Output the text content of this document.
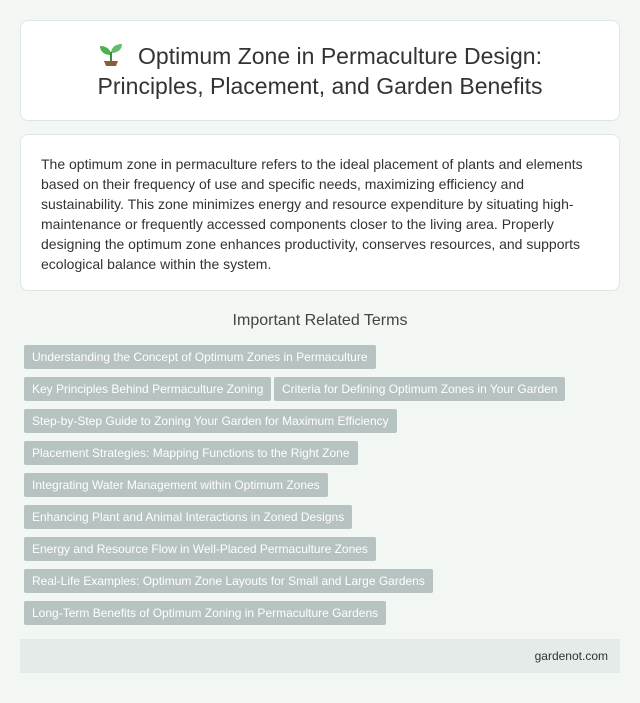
Optimum Zone in Permaculture Design: Principles, Placement, and Garden Benefits

The optimum zone in permaculture refers to the ideal placement of plants and elements based on their frequency of use and specific needs, maximizing efficiency and sustainability. This zone minimizes energy and resource expenditure by situating high-maintenance or frequently accessed components closer to the living area. Properly designing the optimum zone enhances productivity, conserves resources, and supports ecological balance within the system.

Important Related Terms
Understanding the Concept of Optimum Zones in Permaculture
Key Principles Behind Permaculture Zoning	Criteria for Defining Optimum Zones in Your Garden
Step-by-Step Guide to Zoning Your Garden for Maximum Efficiency
Placement Strategies: Mapping Functions to the Right Zone
Integrating Water Management within Optimum Zones
Enhancing Plant and Animal Interactions in Zoned Designs
Energy and Resource Flow in Well-Placed Permaculture Zones
Real-Life Examples: Optimum Zone Layouts for Small and Large Gardens
Long-Term Benefits of Optimum Zoning in Permaculture Gardens
gardenot.com
